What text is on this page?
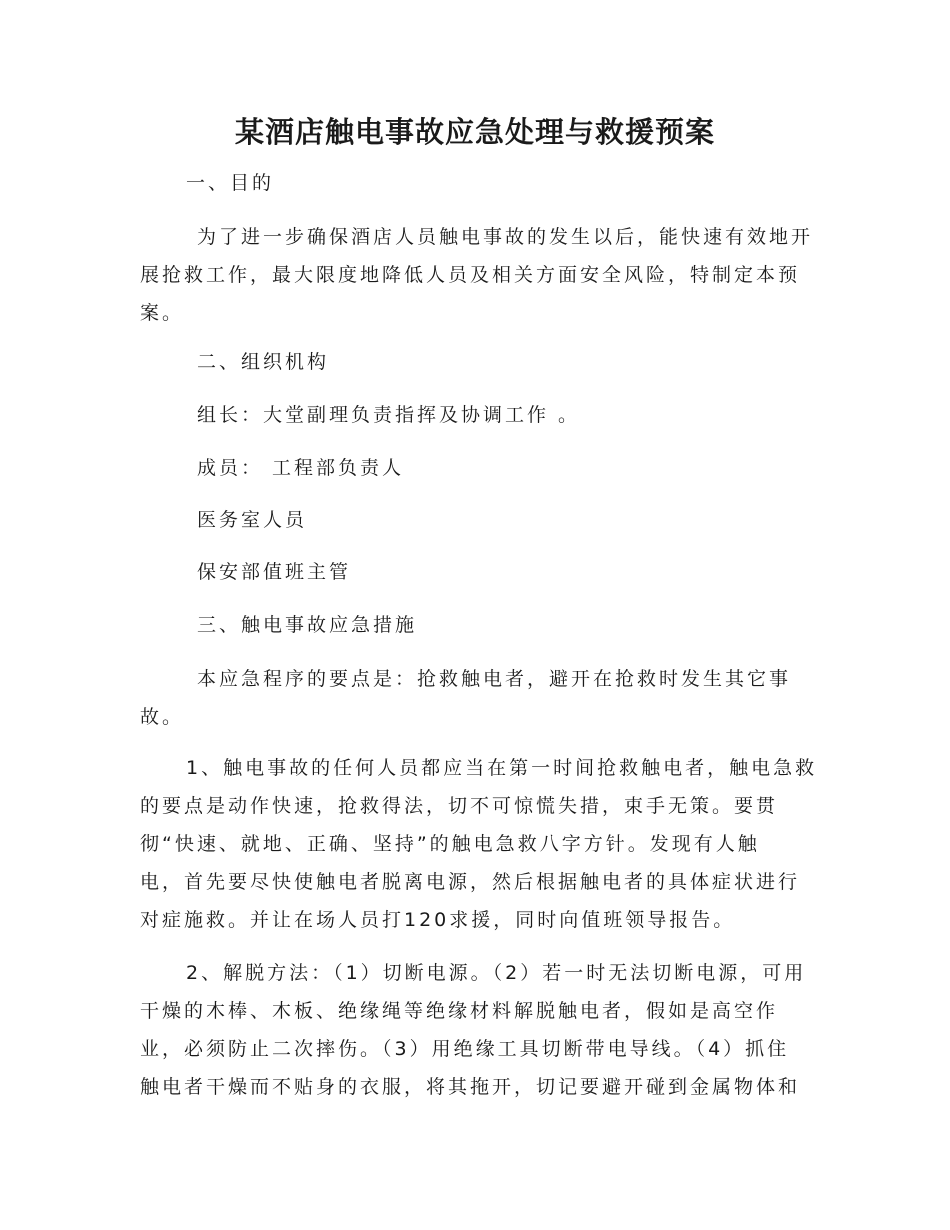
某酒店触电事故应急处理与救援预案

一、目的

为了进一步确保酒店人员触电事故的发生以后，能快速有效地开
展抢救工作，最大限度地降低人员及相关方面安全风险，特制定本预
案。

二、组织机构

组长：大堂副理负责指挥及协调工作 。

成员： 工程部负责人

医务室人员

保安部值班主管

三、触电事故应急措施

本应急程序的要点是：抢救触电者，避开在抢救时发生其它事
故。
1、触电事故的任何人员都应当在第一时间抢救触电者，触电急救
的要点是动作快速，抢救得法，切不可惊慌失措，束手无策。要贯
彻“快速、就地、正确、坚持”的触电急救八字方针。发现有人触
电，首先要尽快使触电者脱离电源，然后根据触电者的具体症状进行
对症施救。并让在场人员打120求援，同时向值班领导报告。
2、解脱方法：（1）切断电源。（2）若一时无法切断电源，可用
干燥的木棒、木板、绝缘绳等绝缘材料解脱触电者，假如是高空作
业，必须防止二次摔伤。（3）用绝缘工具切断带电导线。（4）抓住
触电者干燥而不贴身的衣服，将其拖开，切记要避开碰到金属物体和
